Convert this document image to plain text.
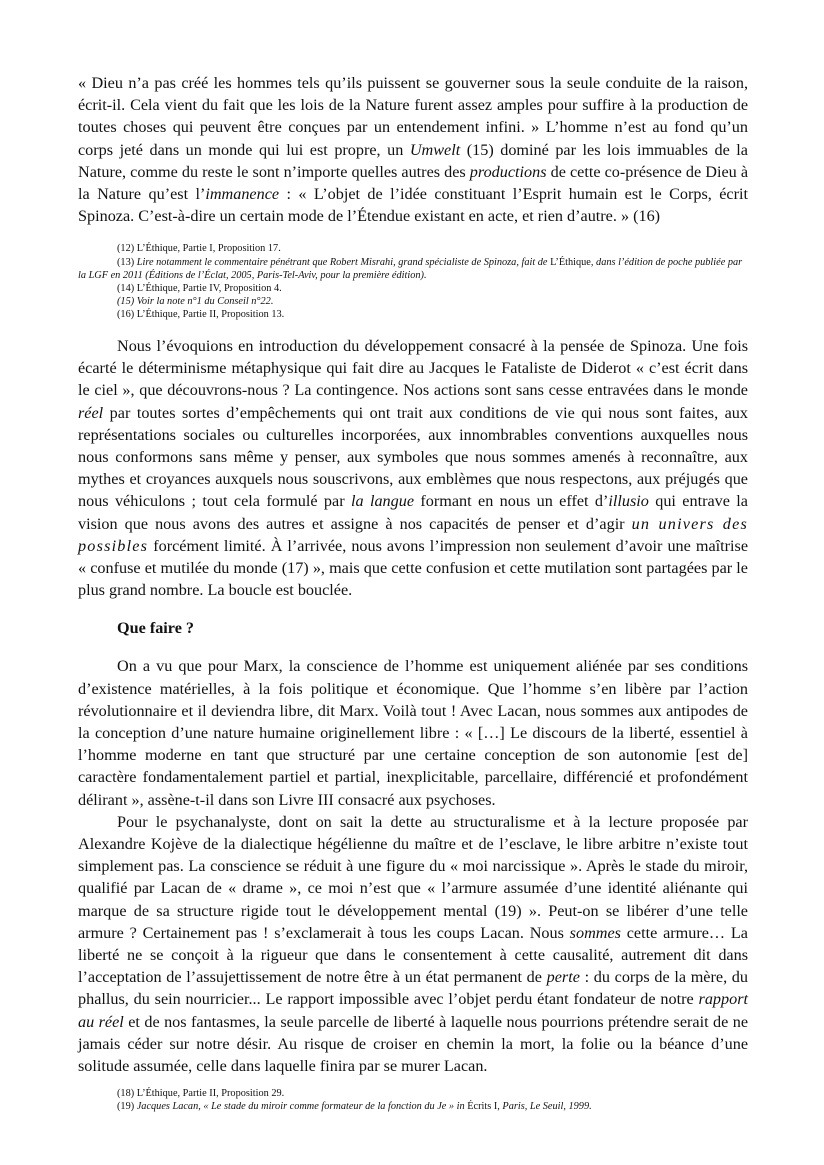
« Dieu n’a pas créé les hommes tels qu’ils puissent se gouverner sous la seule conduite de la raison, écrit-il. Cela vient du fait que les lois de la Nature furent assez amples pour suffire à la production de toutes choses qui peuvent être conçues par un entendement infini. » L’homme n’est au fond qu’un corps jeté dans un monde qui lui est propre, un Umwelt (15) dominé par les lois immuables de la Nature, comme du reste le sont n’importe quelles autres des productions de cette co-présence de Dieu à la Nature qu’est l’immanence : « L’objet de l’idée constituant l’Esprit humain est le Corps, écrit Spinoza. C’est-à-dire un certain mode de l’Étendue existant en acte, et rien d’autre. » (16)

(12) L’Éthique, Partie I, Proposition 17.
(13) Lire notamment le commentaire pénétrant que Robert Misrahi, grand spécialiste de Spinoza, fait de L’Éthique, dans l’édition de poche publiée par la LGF en 2011 (Éditions de l’Éclat, 2005, Paris-Tel-Aviv, pour la première édition).
(14) L’Éthique, Partie IV, Proposition 4.
(15) Voir la note n°1 du Conseil n°22.
(16) L’Éthique, Partie II, Proposition 13.

Nous l’évoquions en introduction du développement consacré à la pensée de Spinoza. Une fois écarté le déterminisme métaphysique qui fait dire au Jacques le Fataliste de Diderot « c’est écrit dans le ciel », que découvrons-nous ? La contingence. Nos actions sont sans cesse entravées dans le monde réel par toutes sortes d’empêchements qui ont trait aux conditions de vie qui nous sont faites, aux représentations sociales ou culturelles incorporées, aux innombrables conventions auxquelles nous nous conformons sans même y penser, aux symboles que nous sommes amenés à reconnaître, aux mythes et croyances auxquels nous souscrivons, aux emblèmes que nous respectons, aux préjugés que nous véhiculons ; tout cela formulé par la langue formant en nous un effet d’illusio qui entrave la vision que nous avons des autres et assigne à nos capacités de penser et d’agir un univers des possibles forcément limité. À l’arrivée, nous avons l’impression non seulement d’avoir une maîtrise « confuse et mutilée du monde (17) », mais que cette confusion et cette mutilation sont partagées par le plus grand nombre. La boucle est bouclée.

Que faire ?

On a vu que pour Marx, la conscience de l’homme est uniquement aliénée par ses conditions d’existence matérielles, à la fois politique et économique. Que l’homme s’en libère par l’action révolutionnaire et il deviendra libre, dit Marx. Voilà tout ! Avec Lacan, nous sommes aux antipodes de la conception d’une nature humaine originellement libre : « […] Le discours de la liberté, essentiel à l’homme moderne en tant que structuré par une certaine conception de son autonomie [est de] caractère fondamentalement partiel et partial, inexplicitable, parcellaire, différencié et profondément délirant », assène-t-il dans son Livre III consacré aux psychoses.

Pour le psychanalyste, dont on sait la dette au structuralisme et à la lecture proposée par Alexandre Kojève de la dialectique hégélienne du maître et de l’esclave, le libre arbitre n’existe tout simplement pas. La conscience se réduit à une figure du « moi narcissique ». Après le stade du miroir, qualifié par Lacan de « drame », ce moi n’est que « l’armure assumée d’une identité aliénante qui marque de sa structure rigide tout le développement mental (19) ». Peut-on se libérer d’une telle armure ? Certainement pas ! s’exclamerait à tous les coups Lacan. Nous sommes cette armure… La liberté ne se conçoit à la rigueur que dans le consentement à cette causalité, autrement dit dans l’acceptation de l’assujettissement de notre être à un état permanent de perte : du corps de la mère, du phallus, du sein nourricier... Le rapport impossible avec l’objet perdu étant fondateur de notre rapport au réel et de nos fantasmes, la seule parcelle de liberté à laquelle nous pourrions prétendre serait de ne jamais céder sur notre désir. Au risque de croiser en chemin la mort, la folie ou la béance d’une solitude assumée, celle dans laquelle finira par se murer Lacan.

(18) L’Éthique, Partie II, Proposition 29.
(19) Jacques Lacan, « Le stade du miroir comme formateur de la fonction du Je » in Écrits I, Paris, Le Seuil, 1999.
